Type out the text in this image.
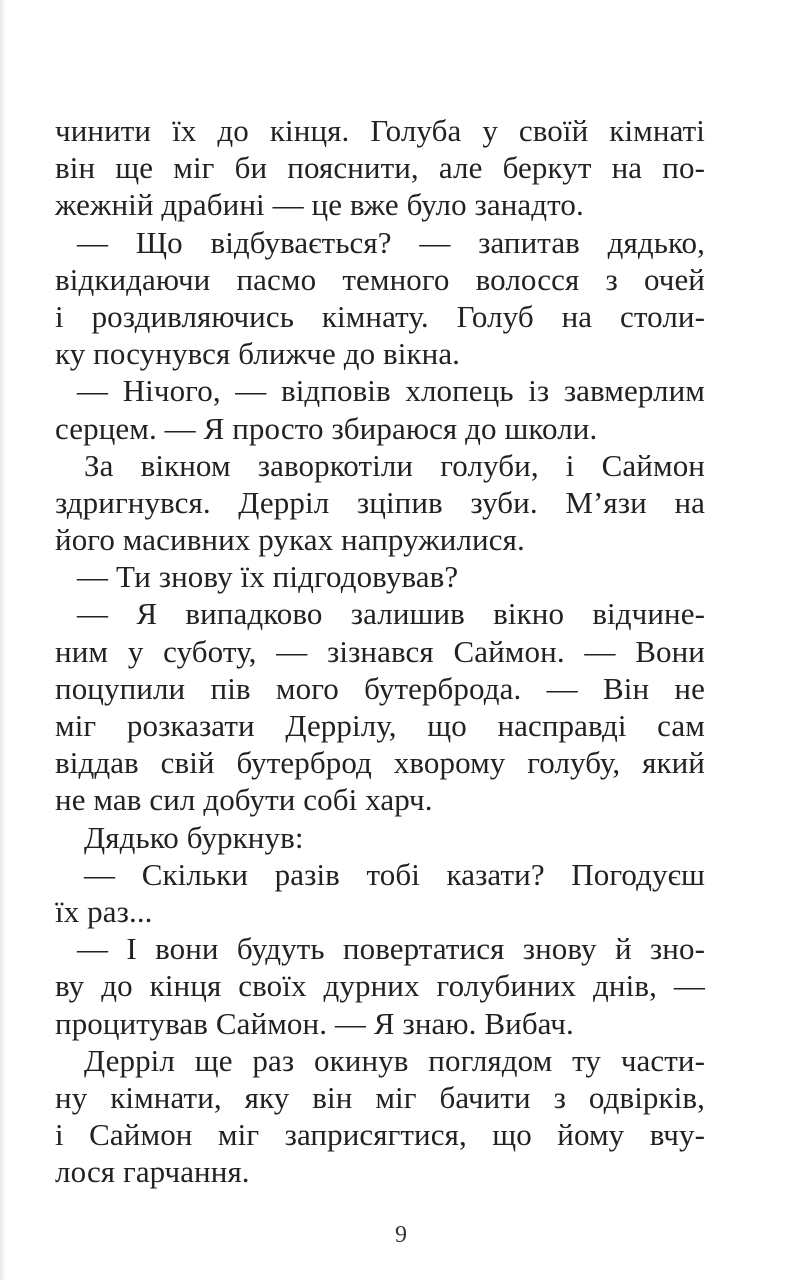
чинити їх до кінця. Голуба у своїй кімнаті
він ще міг би пояснити, але беркут на по-
жежній драбині — це вже було занадто.
— Що відбувається? — запитав дядько,
відкидаючи пасмо темного волосся з очей
і роздивляючись кімнату. Голуб на столи-
ку посунувся ближче до вікна.
— Нічого, — відповів хлопець із завмерлим
серцем. — Я просто збираюся до школи.
За вікном заворкотіли голуби, і Саймон
здригнувся. Дерріл зціпив зуби. М’язи на
його масивних руках напружилися.
— Ти знову їх підгодовував?
— Я випадково залишив вікно відчине-
ним у суботу, — зізнався Саймон. — Вони
поцупили пів мого бутерброда. — Він не
міг розказати Деррілу, що насправді сам
віддав свій бутерброд хворому голубу, який
не мав сил добути собі харч.
Дядько буркнув:
— Скільки разів тобі казати? Погодуєш
їх раз...
— І вони будуть повертатися знову й зно-
ву до кінця своїх дурних голубиних днів, —
процитував Саймон. — Я знаю. Вибач.
Дерріл ще раз окинув поглядом ту части-
ну кімнати, яку він міг бачити з одвірків,
і Саймон міг заприсягтися, що йому вчу-
лося гарчання.
9
